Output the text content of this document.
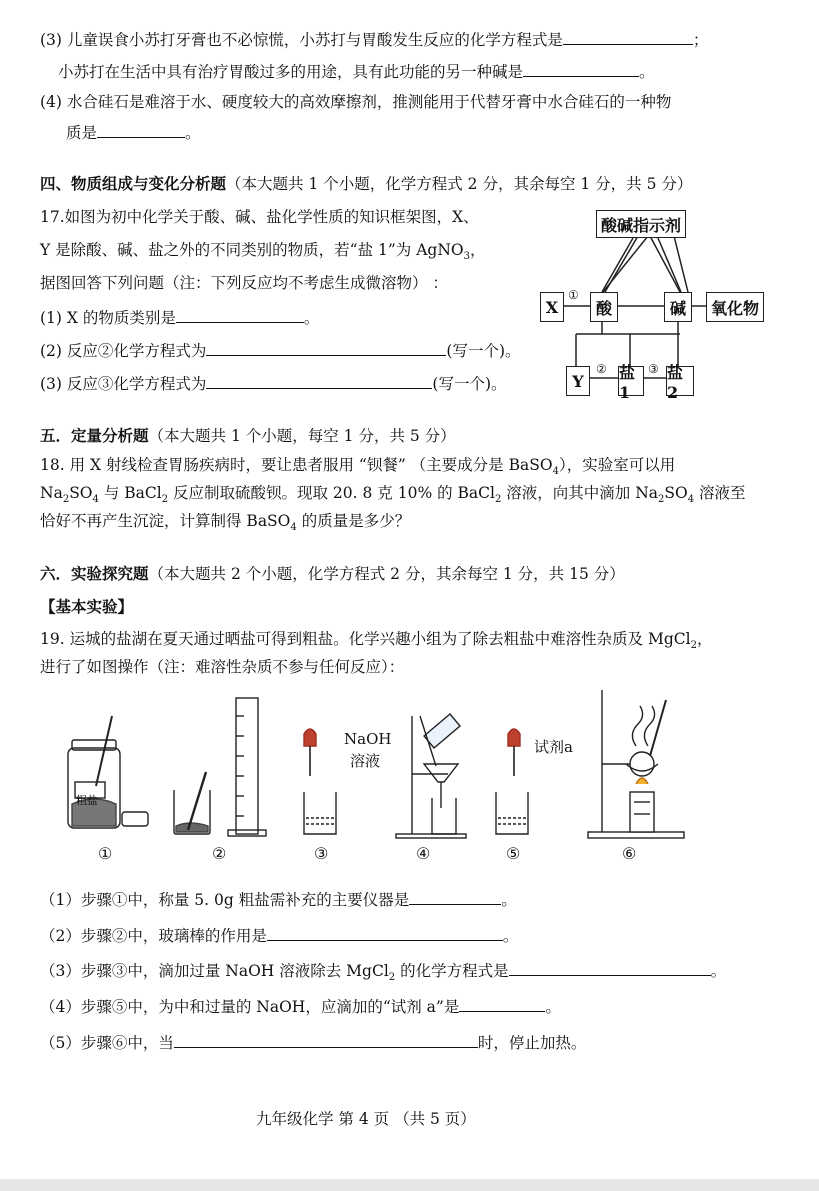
(3) 儿童误食小苏打牙膏也不必惊慌，小苏打与胃酸发生反应的化学方程式是	；
小苏打在生活中具有治疗胃酸过多的用途，具有此功能的另一种碱是	。
(4) 水合硅石是难溶于水、硬度较大的高效摩擦剂，推测能用于代替牙膏中水合硅石的一种物
质是	。
四、物质组成与变化分析题（本大题共 1 个小题，化学方程式 2 分，其余每空 1 分，共 5 分）
17.如图为初中化学关于酸、碱、盐化学性质的知识框架图，X、
Y 是除酸、碱、盐之外的不同类别的物质，若“盐 1”为 AgNO$_3$，
据图回答下列问题（注：下列反应均不考虑生成微溶物） ：
(1) X 的物质类别是	。
(2) 反应②化学方程式为	(写一个)。
(3) 反应③化学方程式为	(写一个)。
酸碱指示剂
X	酸	碱	氧化物
Y	盐1
盐2
①
②	③
五．定量分析题（本大题共 1 个小题，每空 1 分，共 5 分）
18. 用 X 射线检查胃肠疾病时，要让患者服用 “钡餐” （主要成分是 BaSO$_4$），实验室可以用
$Na_2SO_4$ 与 BaCl$_2$ 反应制取硫酸钡。现取 20. 8 克 10% 的 BaCl$_2$ 溶液，向其中滴加 $Na_2SO_4$ 溶液至
恰好不再产生沉淀，计算制得 BaSO$_4$ 的质量是多少？
六．实验探究题（本大题共 2 个小题，化学方程式 2 分，其余每空 1 分，共 15 分）
【基本实验】
19. 运城的盐湖在夏天通过晒盐可得到粗盐。化学兴趣小组为了除去粗盐中难溶性杂质及 MgCl$_2$，
进行了如图操作（注：难溶性杂质不参与任何反应）：
粗盐
NaOH
溶液
试剂a
①	②	③	④	⑤	⑥
（1）步骤①中，称量 5. 0g 粗盐需补充的主要仪器是	。
（2）步骤②中，玻璃棒的作用是	。
（3）步骤③中，滴加过量 NaOH 溶液除去 MgCl$_2$ 的化学方程式是	。
（4）步骤⑤中，为中和过量的 NaOH，应滴加的“试剂 a”是	。
（5）步骤⑥中，当	时，停止加热。
九年级化学 第 4 页 （共 5 页）
